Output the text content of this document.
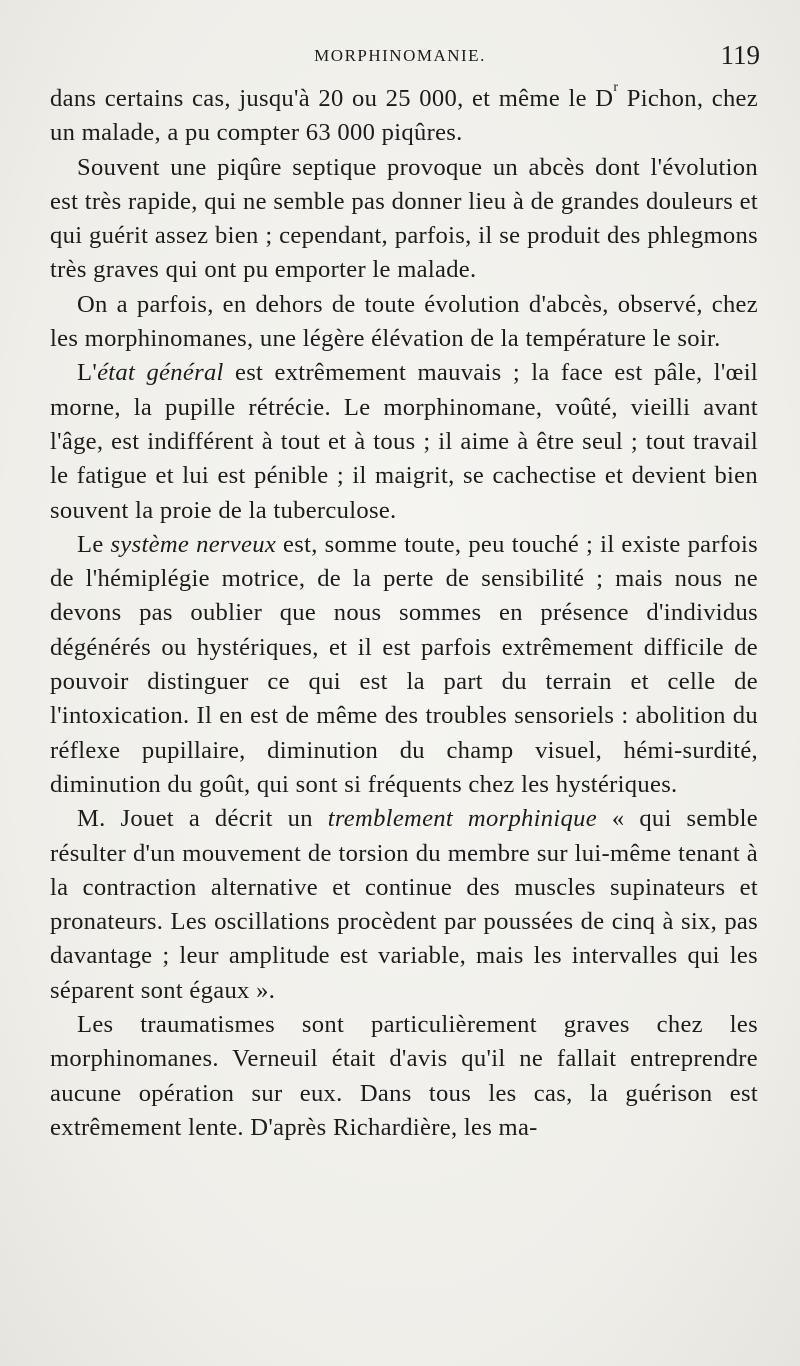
MORPHINOMANIE.	119

dans certains cas, jusqu'à 20 ou 25 000, et même le $D^r$ Pichon, chez un malade, a pu compter 63 000 piqûres.

Souvent une piqûre septique provoque un abcès dont l'évolution est très rapide, qui ne semble pas donner lieu à de grandes douleurs et qui guérit assez bien ; cependant, parfois, il se produit des phlegmons très graves qui ont pu emporter le malade.

On a parfois, en dehors de toute évolution d'abcès, observé, chez les morphinomanes, une légère élévation de la température le soir.

L'état général est extrêmement mauvais ; la face est pâle, l'œil morne, la pupille rétrécie. Le morphinomane, voûté, vieilli avant l'âge, est indifférent à tout et à tous ; il aime à être seul ; tout travail le fatigue et lui est pénible ; il maigrit, se cachectise et devient bien souvent la proie de la tuberculose.

Le système nerveux est, somme toute, peu touché ; il existe parfois de l'hémiplégie motrice, de la perte de sensibilité ; mais nous ne devons pas oublier que nous sommes en présence d'individus dégénérés ou hystériques, et il est parfois extrêmement difficile de pouvoir distinguer ce qui est la part du terrain et celle de l'intoxication. Il en est de même des troubles sensoriels : abolition du réflexe pupillaire, diminution du champ visuel, hémi-surdité, diminution du goût, qui sont si fréquents chez les hystériques.

M. Jouet a décrit un tremblement morphinique « qui semble résulter d'un mouvement de torsion du membre sur lui-même tenant à la contraction alternative et continue des muscles supinateurs et pronateurs. Les oscillations procèdent par poussées de cinq à six, pas davantage ; leur amplitude est variable, mais les intervalles qui les séparent sont égaux ».

Les traumatismes sont particulièrement graves chez les morphinomanes. Verneuil était d'avis qu'il ne fallait entreprendre aucune opération sur eux. Dans tous les cas, la guérison est extrêmement lente. D'après Richardière, les ma-
